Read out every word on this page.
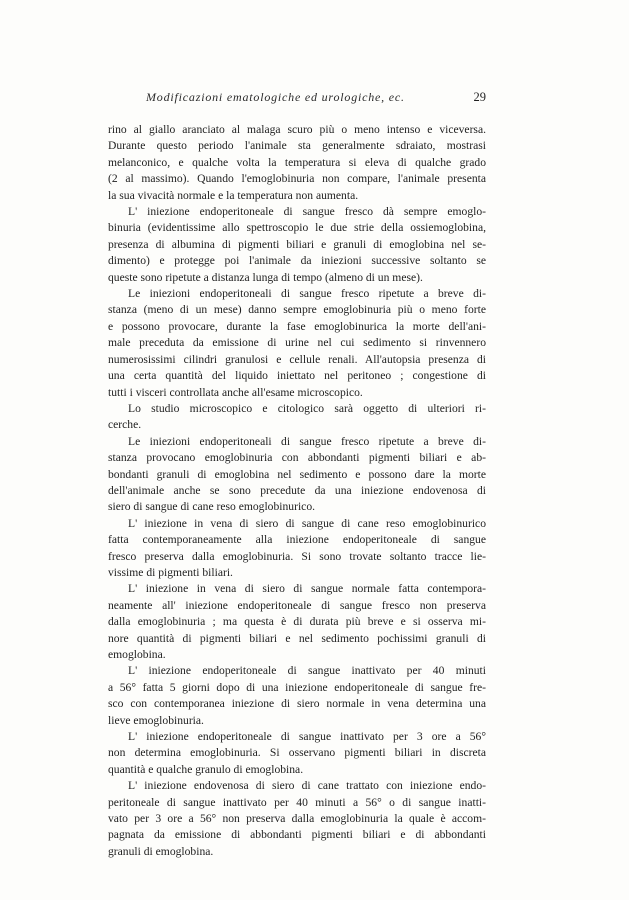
Modificazioni ematologiche ed urologiche, ec.	29

rino al giallo aranciato al malaga scuro più o meno intenso e viceversa.
Durante questo periodo l'animale sta generalmente sdraiato, mostrasi
melanconico, e qualche volta la temperatura si eleva di qualche grado
(2 al massimo). Quando l'emoglobinuria non compare, l'animale presenta
la sua vivacità normale e la temperatura non aumenta.

L' iniezione endoperitoneale di sangue fresco dà sempre emoglo-
binuria (evidentissime allo spettroscopio le due strie della ossiemoglobina,
presenza di albumina di pigmenti biliari e granuli di emoglobina nel se-
dimento) e protegge poi l'animale da iniezioni successive soltanto se
queste sono ripetute a distanza lunga di tempo (almeno di un mese).

Le iniezioni endoperitoneali di sangue fresco ripetute a breve di-
stanza (meno di un mese) danno sempre emoglobinuria più o meno forte
e possono provocare, durante la fase emoglobinurica la morte dell'ani-
male preceduta da emissione di urine nel cui sedimento si rinvennero
numerosissimi cilindri granulosi e cellule renali. All'autopsia presenza di
una certa quantità del liquido iniettato nel peritoneo ; congestione di
tutti i visceri controllata anche all'esame microscopico.

Lo studio microscopico e citologico sarà oggetto di ulteriori ri-
cerche.

Le iniezioni endoperitoneali di sangue fresco ripetute a breve di-
stanza provocano emoglobinuria con abbondanti pigmenti biliari e ab-
bondanti granuli di emoglobina nel sedimento e possono dare la morte
dell'animale anche se sono precedute da una iniezione endovenosa di
siero di sangue di cane reso emoglobinurico.

L' iniezione in vena di siero di sangue di cane reso emoglobinurico
fatta contemporaneamente alla iniezione endoperitoneale di sangue
fresco preserva dalla emoglobinuria. Si sono trovate soltanto tracce lie-
vissime di pigmenti biliari.

L' iniezione in vena di siero di sangue normale fatta contempora-
neamente all' iniezione endoperitoneale di sangue fresco non preserva
dalla emoglobinuria ; ma questa è di durata più breve e si osserva mi-
nore quantità di pigmenti biliari e nel sedimento pochissimi granuli di
emoglobina.

L' iniezione endoperitoneale di sangue inattivato per 40 minuti
a 56° fatta 5 giorni dopo di una iniezione endoperitoneale di sangue fre-
sco con contemporanea iniezione di siero normale in vena determina una
lieve emoglobinuria.

L' iniezione endoperitoneale di sangue inattivato per 3 ore a 56°
non determina emoglobinuria. Si osservano pigmenti biliari in discreta
quantità e qualche granulo di emoglobina.

L' iniezione endovenosa di siero di cane trattato con iniezione endo-
peritoneale di sangue inattivato per 40 minuti a 56° o di sangue inatti-
vato per 3 ore a 56° non preserva dalla emoglobinuria la quale è accom-
pagnata da emissione di abbondanti pigmenti biliari e di abbondanti
granuli di emoglobina.
